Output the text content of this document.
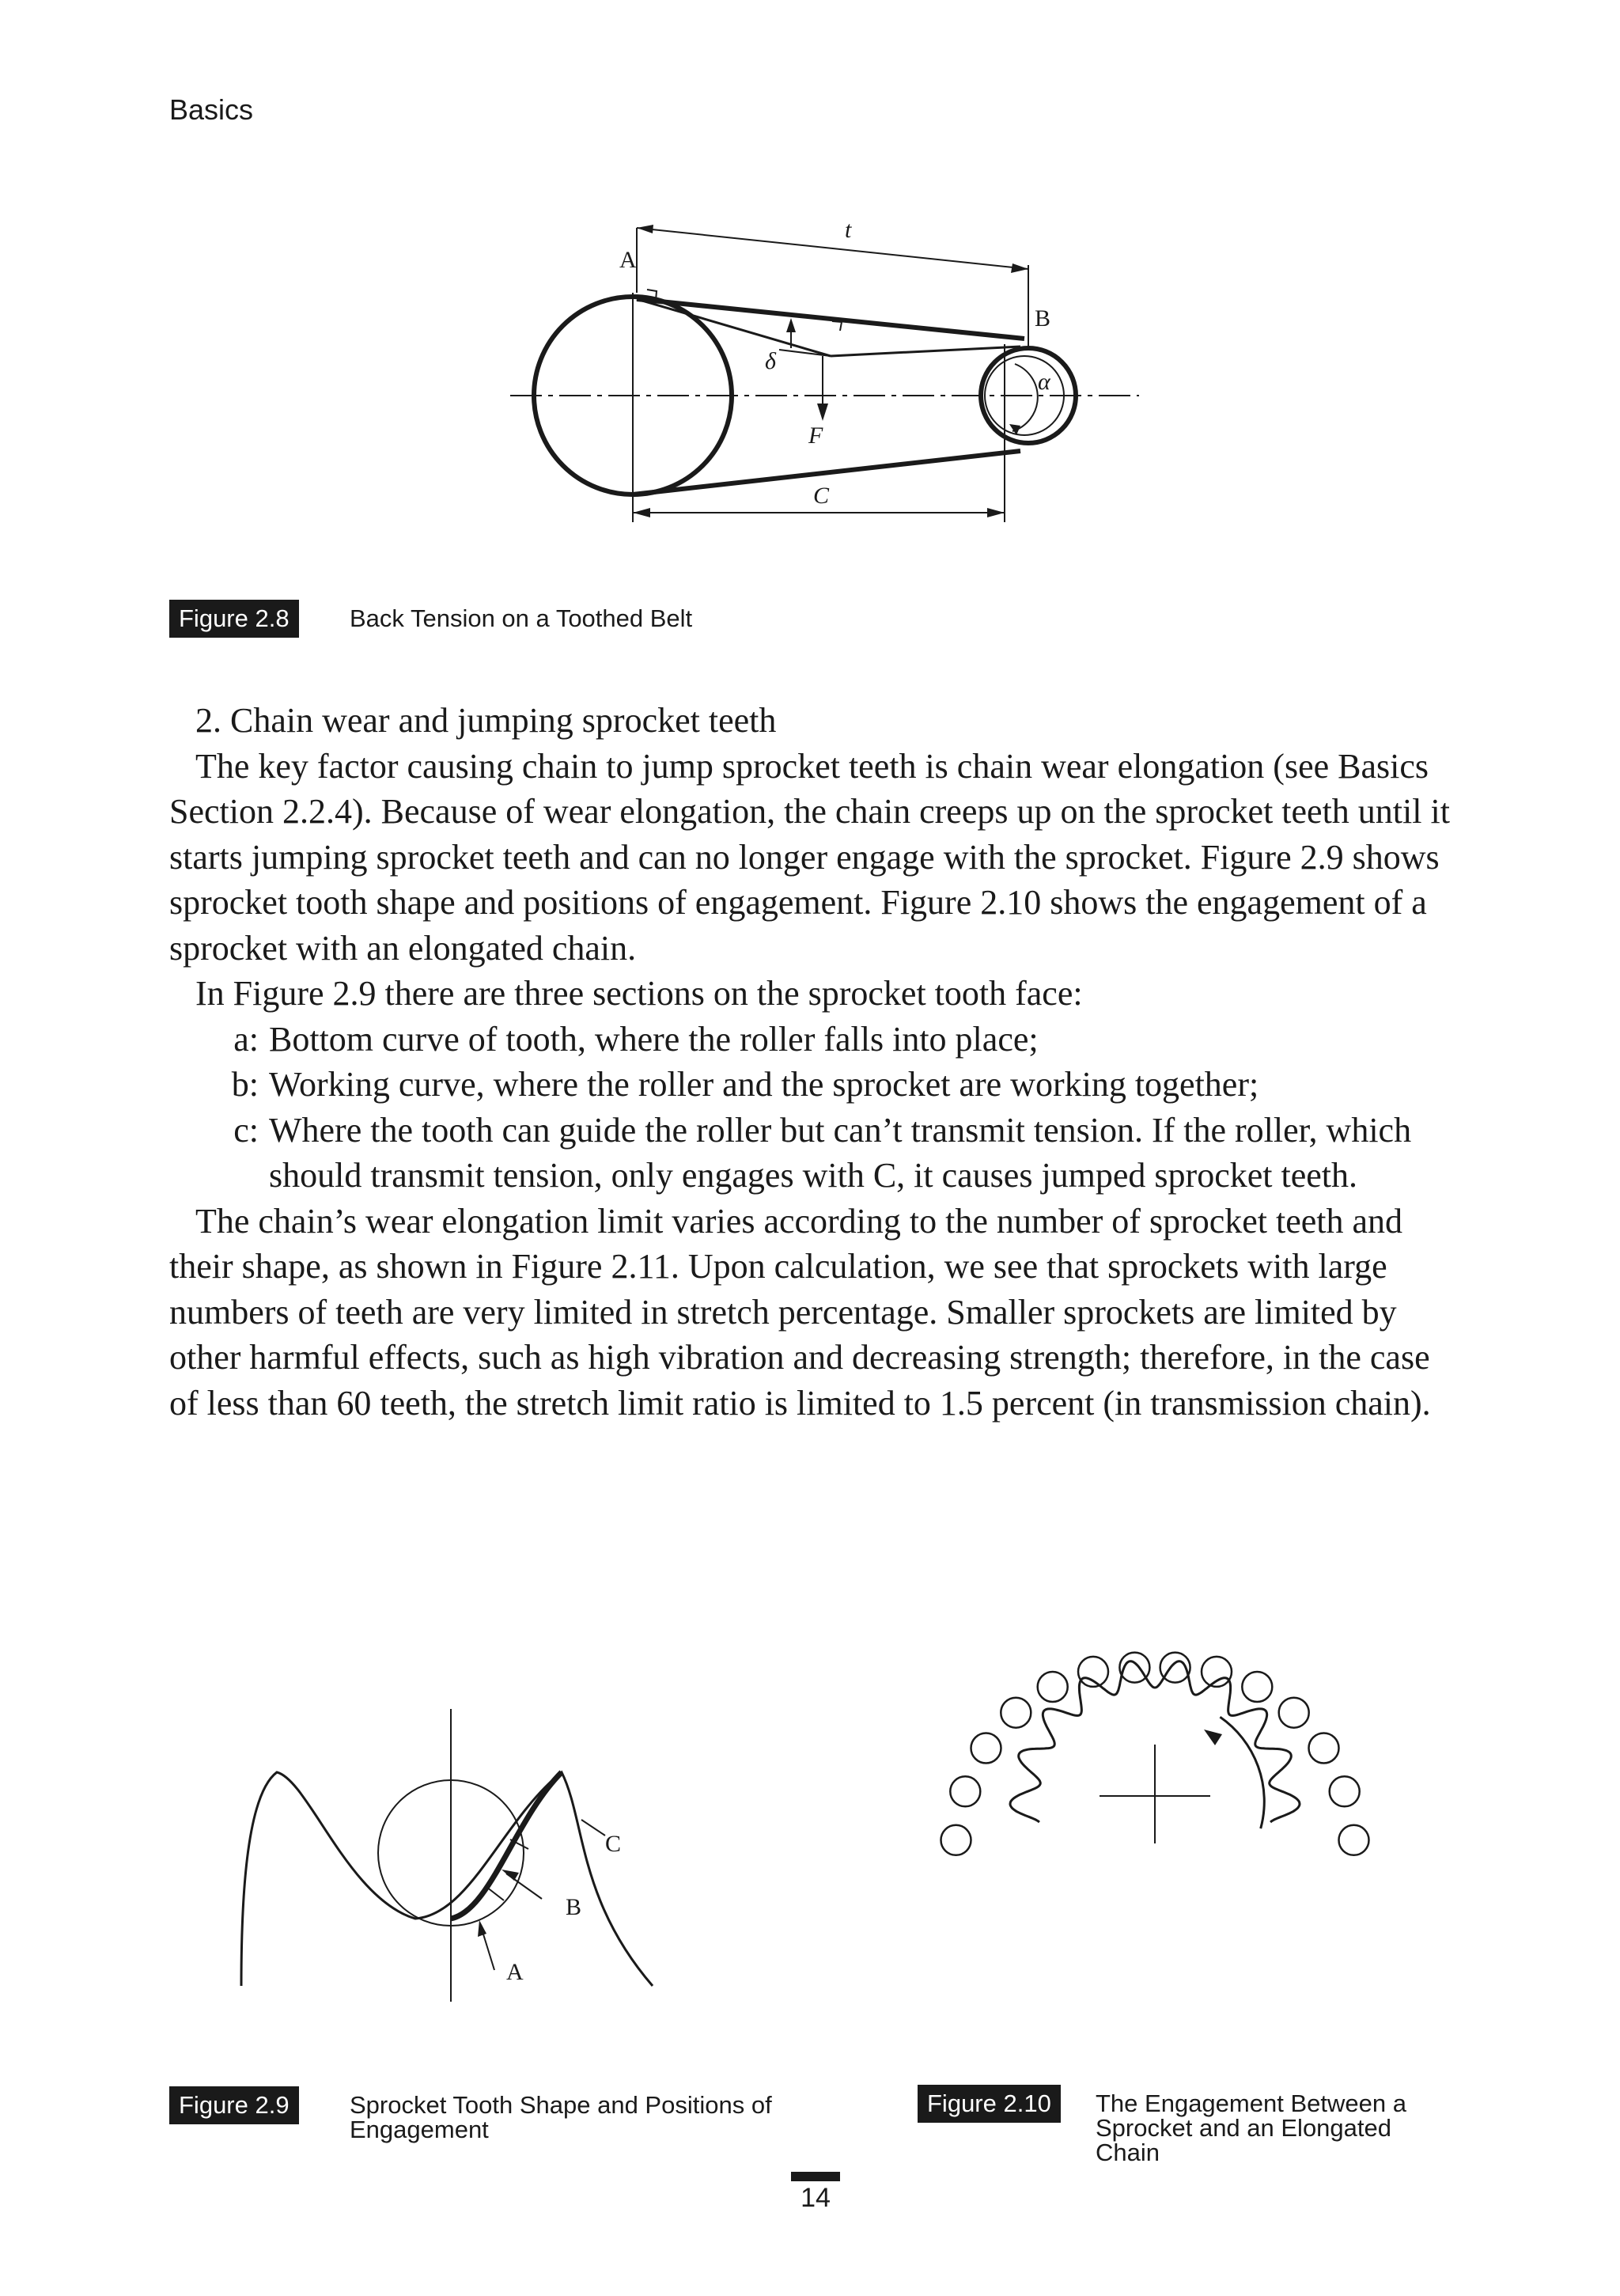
Basics
A
B
t
δ
α
F
C
Figure 2.8	Back Tension on a Toothed Belt

2. Chain wear and jumping sprocket teeth

The key factor causing chain to jump sprocket teeth is chain wear elongation (see Basics Section 2.2.4). Because of wear elongation, the chain creeps up on the sprocket teeth until it starts jumping sprocket teeth and can no longer engage with the sprocket. Figure 2.9 shows sprocket tooth shape and positions of engagement. Figure 2.10 shows the engagement of a sprocket with an elongated chain.

In Figure 2.9 there are three sections on the sprocket tooth face:

a: Bottom curve of tooth, where the roller falls into place;

b: Working curve, where the roller and the sprocket are working together;

c: Where the tooth can guide the roller but can’t transmit tension. If the roller, which should transmit tension, only engages with C, it causes jumped sprocket teeth.

The chain’s wear elongation limit varies according to the number of sprocket teeth and their shape, as shown in Figure 2.11. Upon calculation, we see that sprockets with large numbers of teeth are very limited in stretch percentage. Smaller sprockets are limited by other harmful effects, such as high vibration and decreasing strength; therefore, in the case of less than 60 teeth, the stretch limit ratio is limited to 1.5 percent (in transmission chain).

A
B
C
Figure 2.9	Sprocket Tooth Shape and Positions of Engagement
Figure 2.10	The Engagement Between a Sprocket and an Elongated Chain
14
